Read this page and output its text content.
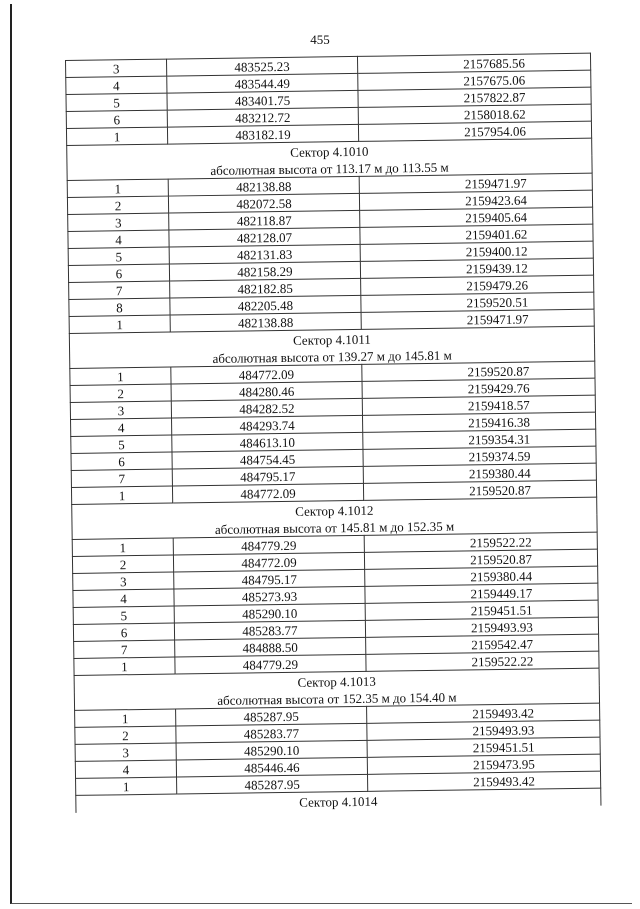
455
3	483525.23	2157685.56
4	483544.49	2157675.06
5	483401.75	2157822.87
6	483212.72	2158018.62
1	483182.19	2157954.06
Сектор 4.1010		
абсолютная высота от 113.17 м до 113.55 м		
1	482138.88	2159471.97
2	482072.58	2159423.64
3	482118.87	2159405.64
4	482128.07	2159401.62
5	482131.83	2159400.12
6	482158.29	2159439.12
7	482182.85	2159479.26
8	482205.48	2159520.51
1	482138.88	2159471.97
Сектор 4.1011		
абсолютная высота от 139.27 м до 145.81 м		
1	484772.09	2159520.87
2	484280.46	2159429.76
3	484282.52	2159418.57
4	484293.74	2159416.38
5	484613.10	2159354.31
6	484754.45	2159374.59
7	484795.17	2159380.44
1	484772.09	2159520.87
Сектор 4.1012		
абсолютная высота от 145.81 м до 152.35 м		
1	484779.29	2159522.22
2	484772.09	2159520.87
3	484795.17	2159380.44
4	485273.93	2159449.17
5	485290.10	2159451.51
6	485283.77	2159493.93
7	484888.50	2159542.47
1	484779.29	2159522.22
Сектор 4.1013		
абсолютная высота от 152.35 м до 154.40 м		
1	485287.95	2159493.42
2	485283.77	2159493.93
3	485290.10	2159451.51
4	485446.46	2159473.95
1	485287.95	2159493.42
Сектор 4.1014		
